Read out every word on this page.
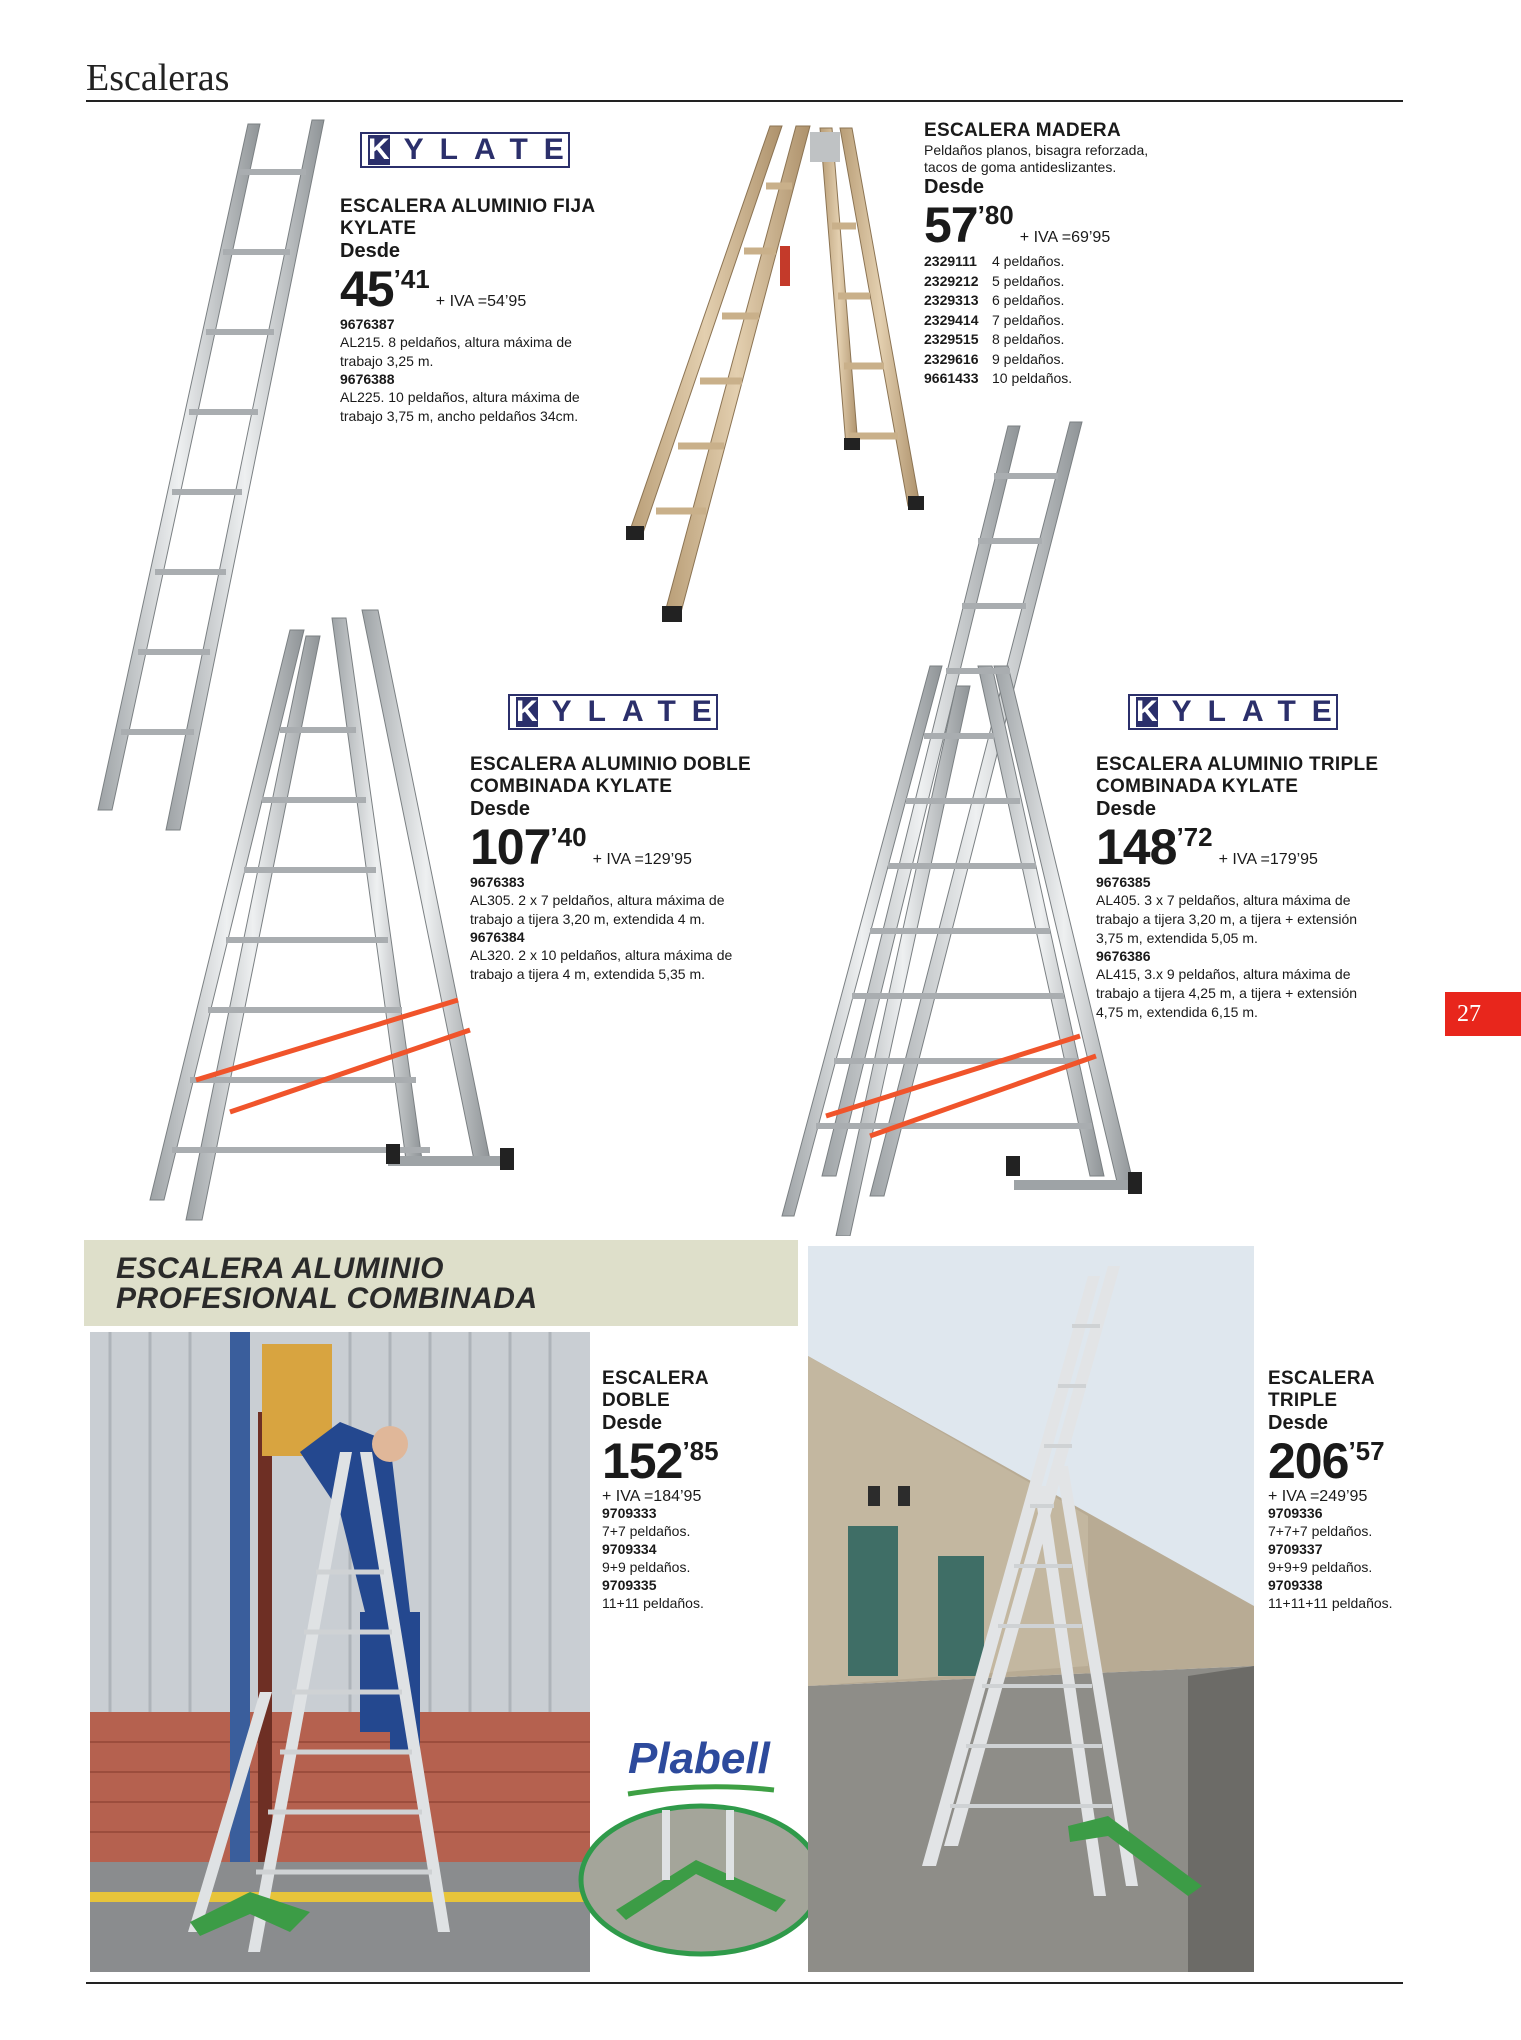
Escaleras
27
K YLATE
ESCALERA ALUMINIO FIJA
KYLATE
Desde
45 ’41
+ IVA =54’95
9676387
AL215. 8 peldaños, altura máxima de
trabajo 3,25 m.
9676388
AL225. 10 peldaños, altura máxima de
trabajo 3,75 m, ancho peldaños 34cm.
ESCALERA MADERA
Peldaños planos, bisagra reforzada,
tacos de goma antideslizantes.
Desde
57 ’80
+ IVA =69’95
2329111 4 peldaños.
2329212 5 peldaños.
2329313 6 peldaños.
2329414 7 peldaños.
2329515 8 peldaños.
2329616 9 peldaños.
9661433 10 peldaños.
K YLATE
ESCALERA ALUMINIO DOBLE
COMBINADA KYLATE
Desde
107 ’40
+ IVA =129’95
9676383
AL305. 2 x 7 peldaños, altura máxima de
trabajo a tijera 3,20 m, extendida 4 m.
9676384
AL320. 2 x 10 peldaños, altura máxima de
trabajo a tijera 4 m, extendida 5,35 m.
K YLATE
ESCALERA ALUMINIO TRIPLE
COMBINADA KYLATE
Desde
148 ’72
+ IVA =179’95
9676385
AL405. 3 x 7 peldaños, altura máxima de
trabajo a tijera 3,20 m, a tijera + extensión
3,75 m, extendida 5,05 m.
9676386
AL415, 3.x 9 peldaños, altura máxima de
trabajo a tijera 4,25 m, a tijera + extensión
4,75 m, extendida 6,15 m.
ESCALERA ALUMINIO
PROFESIONAL COMBINADA
ESCALERA
DOBLE
Desde
152 ’85
+ IVA =184’95
9709333
7+7 peldaños.
9709334
9+9 peldaños.
9709335
11+11 peldaños.
Plabell
ESCALERA
TRIPLE
Desde
206 ’57
+ IVA =249’95
9709336
7+7+7 peldaños.
9709337
9+9+9 peldaños.
9709338
11+11+11 peldaños.
